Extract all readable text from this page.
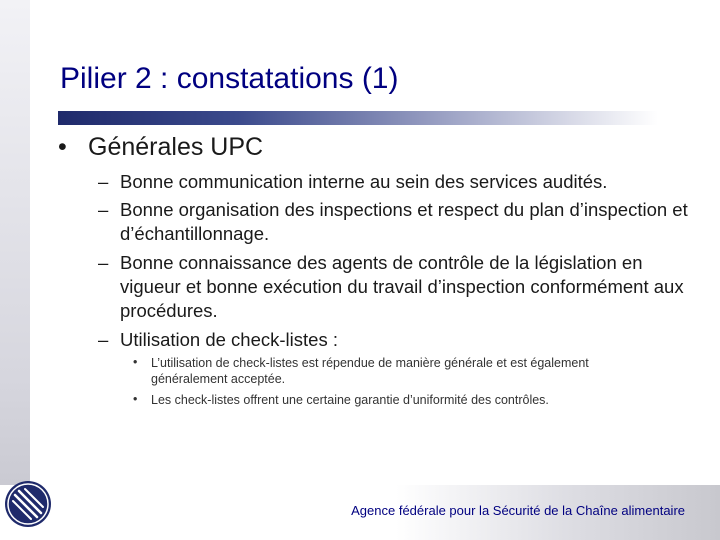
Pilier 2 : constatations (1)
• Générales UPC
– Bonne communication interne au sein des services audités.
– Bonne organisation des inspections et respect du plan d’inspection et d’échantillonnage.
– Bonne connaissance des agents de contrôle de la législation en vigueur et bonne exécution du travail d’inspection conformément aux procédures.
– Utilisation de check-listes :
• L’utilisation de check-listes est répendue de manière générale et est également généralement acceptée.
• Les check-listes offrent une certaine garantie d’uniformité des contrôles.
Agence fédérale pour la Sécurité de la Chaîne alimentaire
